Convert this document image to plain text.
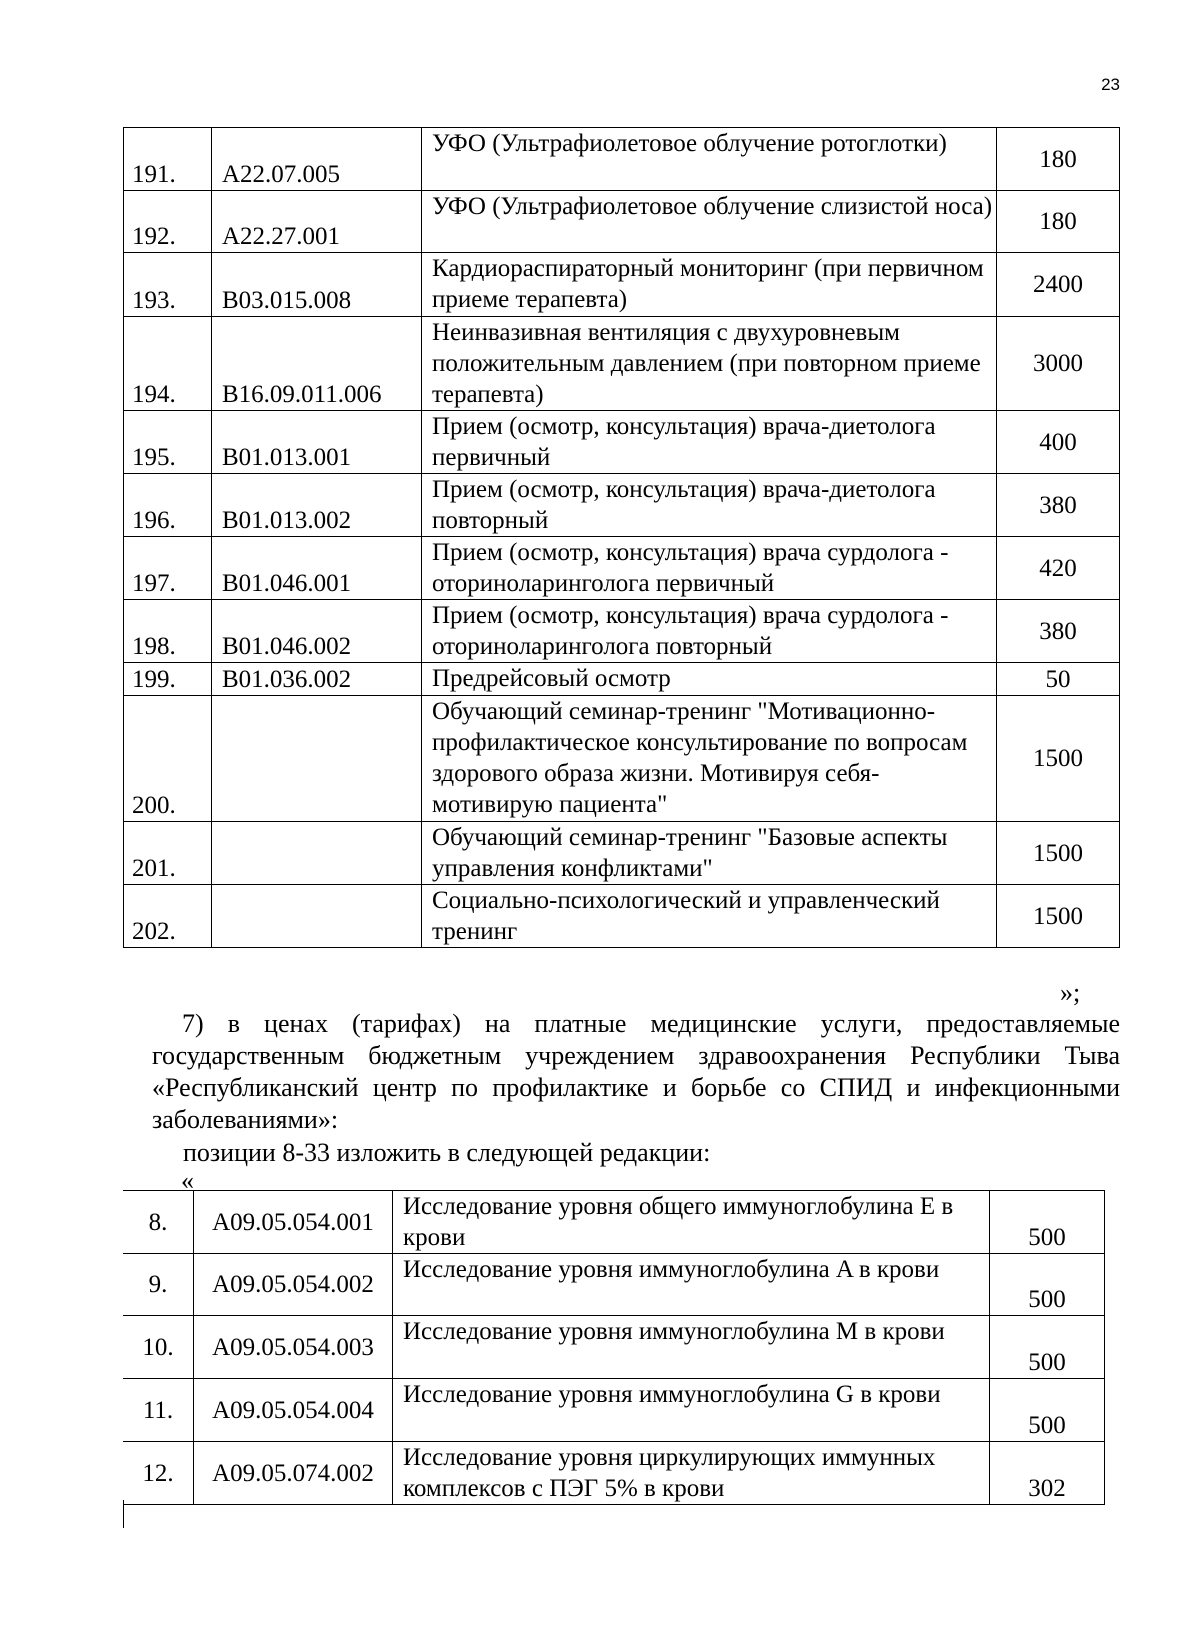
23
191.	A22.07.005	УФО (Ультрафиолетовое облучение ротоглотки)	180
192.	A22.27.001	УФО (Ультрафиолетовое облучение слизистой носа)	180
193.	B03.015.008	Кардиораспираторный мониторинг (при первичном приеме терапевта)	2400
194.	B16.09.011.006	Неинвазивная вентиляция с двухуровневым положительным давлением (при повторном приеме терапевта)	3000
195.	B01.013.001	Прием (осмотр, консультация) врача-диетолога первичный	400
196.	B01.013.002	Прием (осмотр, консультация) врача-диетолога повторный	380
197.	B01.046.001	Прием (осмотр, консультация) врача сурдолога - оториноларинголога первичный	420
198.	B01.046.002	Прием (осмотр, консультация) врача сурдолога - оториноларинголога повторный	380
199.	B01.036.002	Предрейсовый осмотр	50
200.		Обучающий семинар-тренинг "Мотивационно-профилактическое консультирование по вопросам здорового образа жизни. Мотивируя себя-мотивирую пациента"	1500
201.		Обучающий семинар-тренинг "Базовые аспекты управления конфликтами"	1500
202.		Социально-психологический и управленческий тренинг	1500
»;
7) в ценах (тарифах) на платные медицинские услуги, предоставляемые государственным бюджетным учреждением здравоохранения Республики Тыва «Республиканский центр по профилактике и борьбе со СПИД и инфекционными заболеваниями»:
позиции 8-33 изложить в следующей редакции:
«
8.	A09.05.054.001	Исследование уровня общего иммуноглобулина E в крови	500
9.	A09.05.054.002	Исследование уровня иммуноглобулина A в крови	500
10.	A09.05.054.003	Исследование уровня иммуноглобулина M в крови	500
11.	A09.05.054.004	Исследование уровня иммуноглобулина G в крови	500
12.	A09.05.074.002	Исследование уровня циркулирующих иммунных комплексов с ПЭГ 5% в крови	302
